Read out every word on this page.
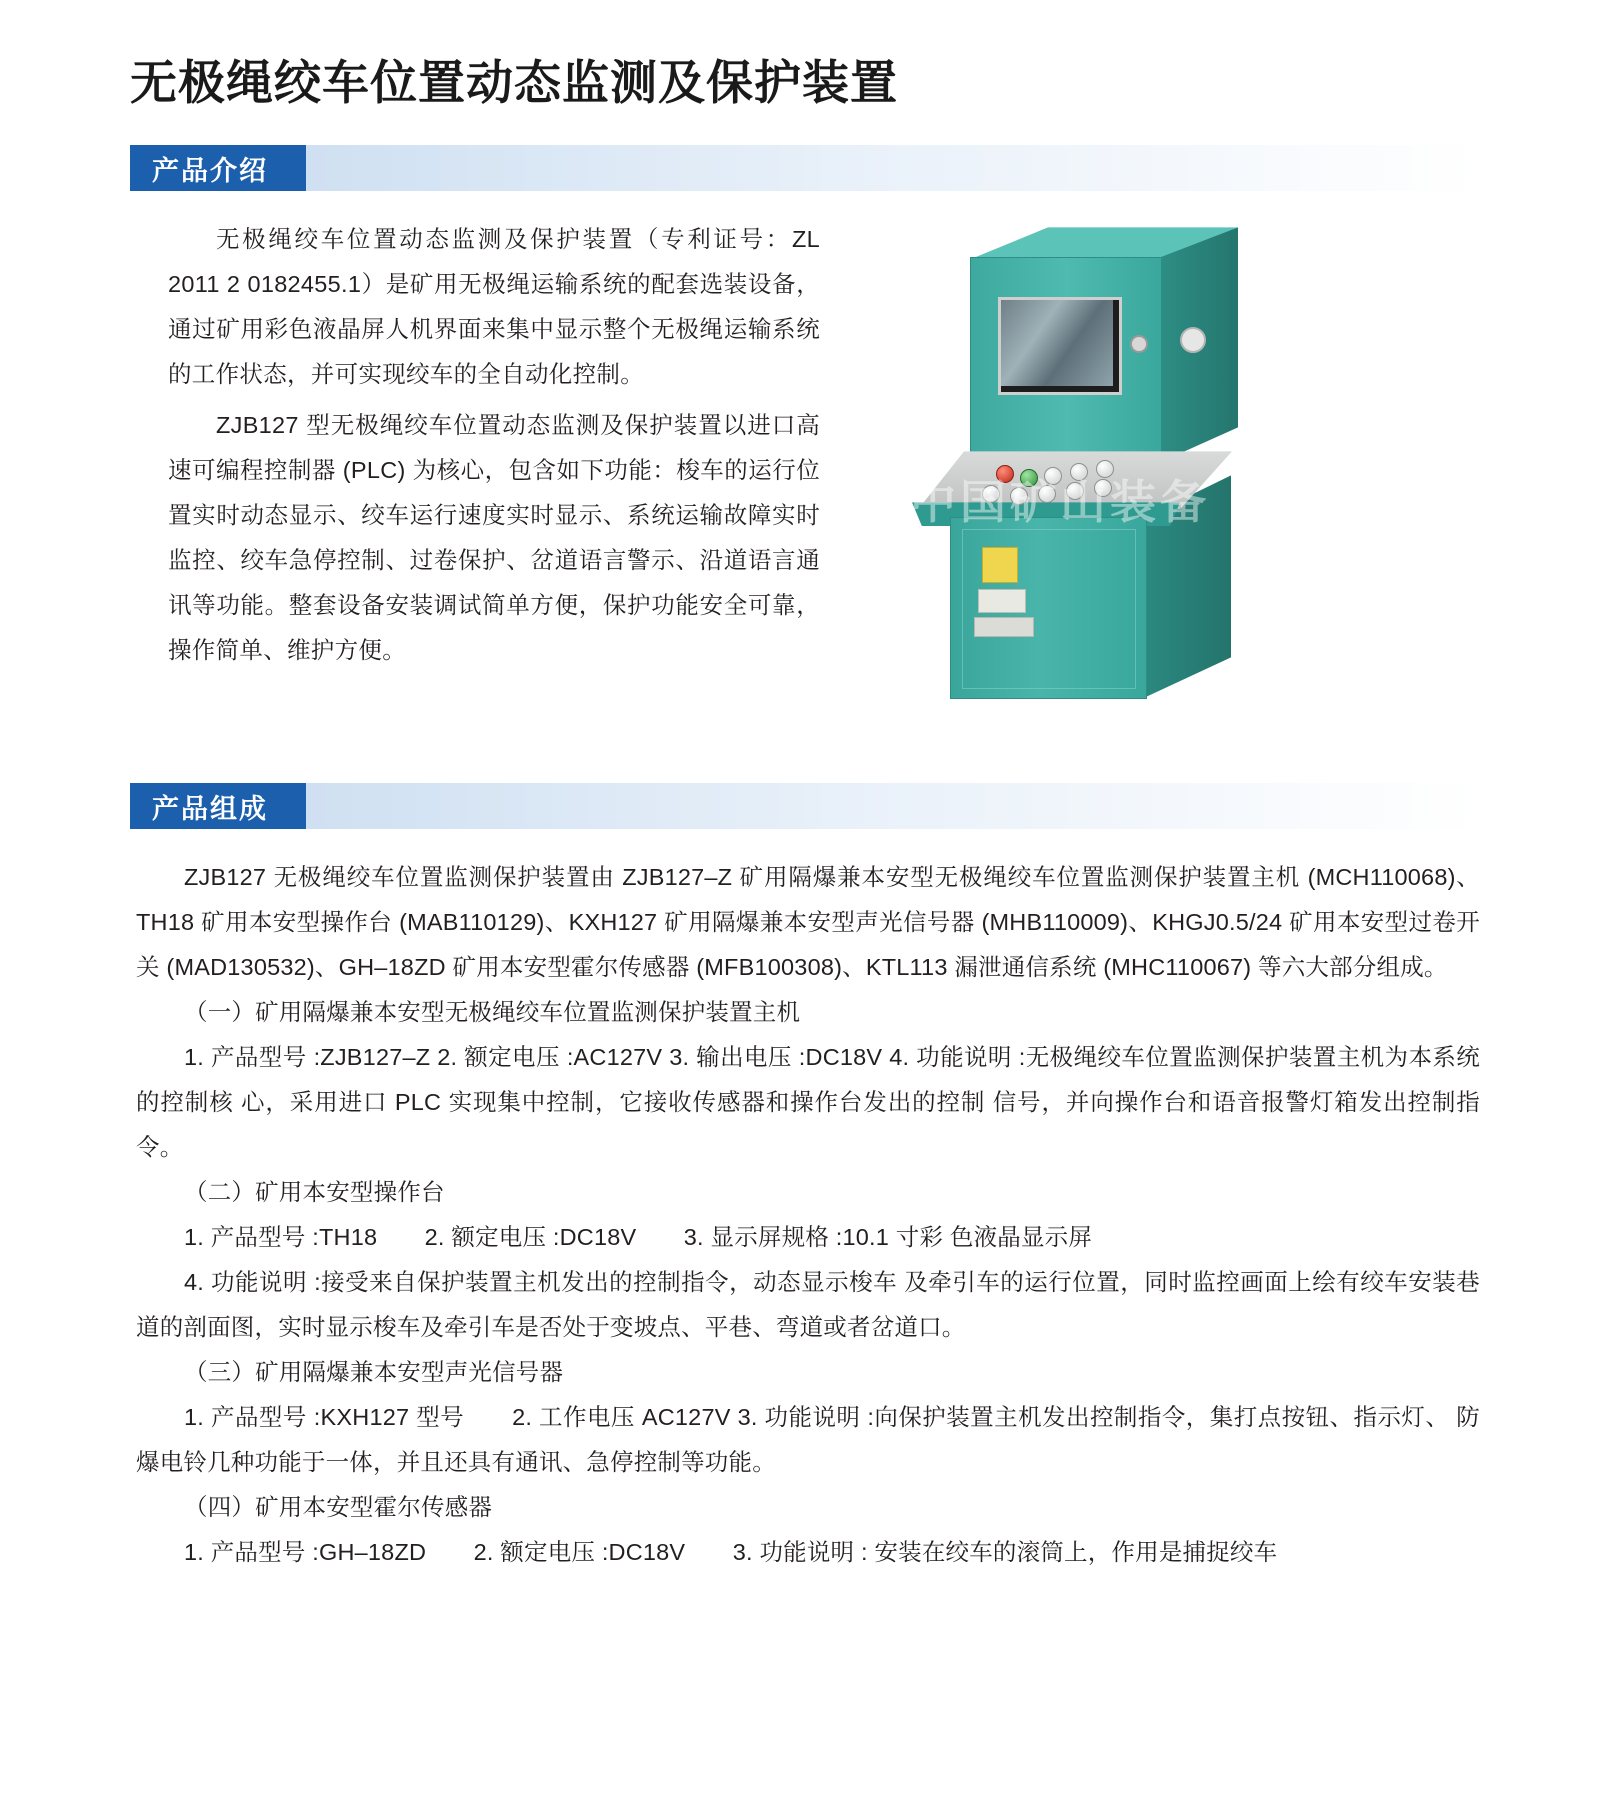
无极绳绞车位置动态监测及保护装置
产品介绍

无极绳绞车位置动态监测及保护装置（专利证号：ZL 2011 2 0182455.1）是矿用无极绳运输系统的配套选装设备，通过矿用彩色液晶屏人机界面来集中显示整个无极绳运输系统的工作状态，并可实现绞车的全自动化控制。

ZJB127 型无极绳绞车位置动态监测及保护装置以进口高速可编程控制器 (PLC) 为核心，包含如下功能：梭车的运行位置实时动态显示、绞车运行速度实时显示、系统运输故障实时监控、绞车急停控制、过卷保护、岔道语言警示、沿道语言通讯等功能。整套设备安装调试简单方便，保护功能安全可靠，操作简单、维护方便。

中国矿山装备
产品组成

ZJB127 无极绳绞车位置监测保护装置由 ZJB127–Z 矿用隔爆兼本安型无极绳绞车位置监测保护装置主机 (MCH110068)、TH18 矿用本安型操作台 (MAB110129)、KXH127 矿用隔爆兼本安型声光信号器 (MHB110009)、KHGJ0.5/24 矿用本安型过卷开关 (MAD130532)、GH–18ZD 矿用本安型霍尔传感器 (MFB100308)、KTL113 漏泄通信系统 (MHC110067) 等六大部分组成。

（一）矿用隔爆兼本安型无极绳绞车位置监测保护装置主机

1. 产品型号 :ZJB127–Z 2. 额定电压 :AC127V 3. 输出电压 :DC18V 4. 功能说明 :无极绳绞车位置监测保护装置主机为本系统的控制核 心，采用进口 PLC 实现集中控制，它接收传感器和操作台发出的控制 信号，并向操作台和语音报警灯箱发出控制指令。

（二）矿用本安型操作台

1. 产品型号 :TH18　　2. 额定电压 :DC18V　　3. 显示屏规格 :10.1 寸彩 色液晶显示屏

4. 功能说明 :接受来自保护装置主机发出的控制指令，动态显示梭车 及牵引车的运行位置，同时监控画面上绘有绞车安装巷道的剖面图，实时显示梭车及牵引车是否处于变坡点、平巷、弯道或者岔道口。

（三）矿用隔爆兼本安型声光信号器

1. 产品型号 :KXH127 型号　　2. 工作电压 AC127V 3. 功能说明 :向保护装置主机发出控制指令，集打点按钮、指示灯、 防爆电铃几种功能于一体，并且还具有通讯、急停控制等功能。

（四）矿用本安型霍尔传感器

1. 产品型号 :GH–18ZD　　2. 额定电压 :DC18V　　3. 功能说明 : 安装在绞车的滚筒上，作用是捕捉绞车
